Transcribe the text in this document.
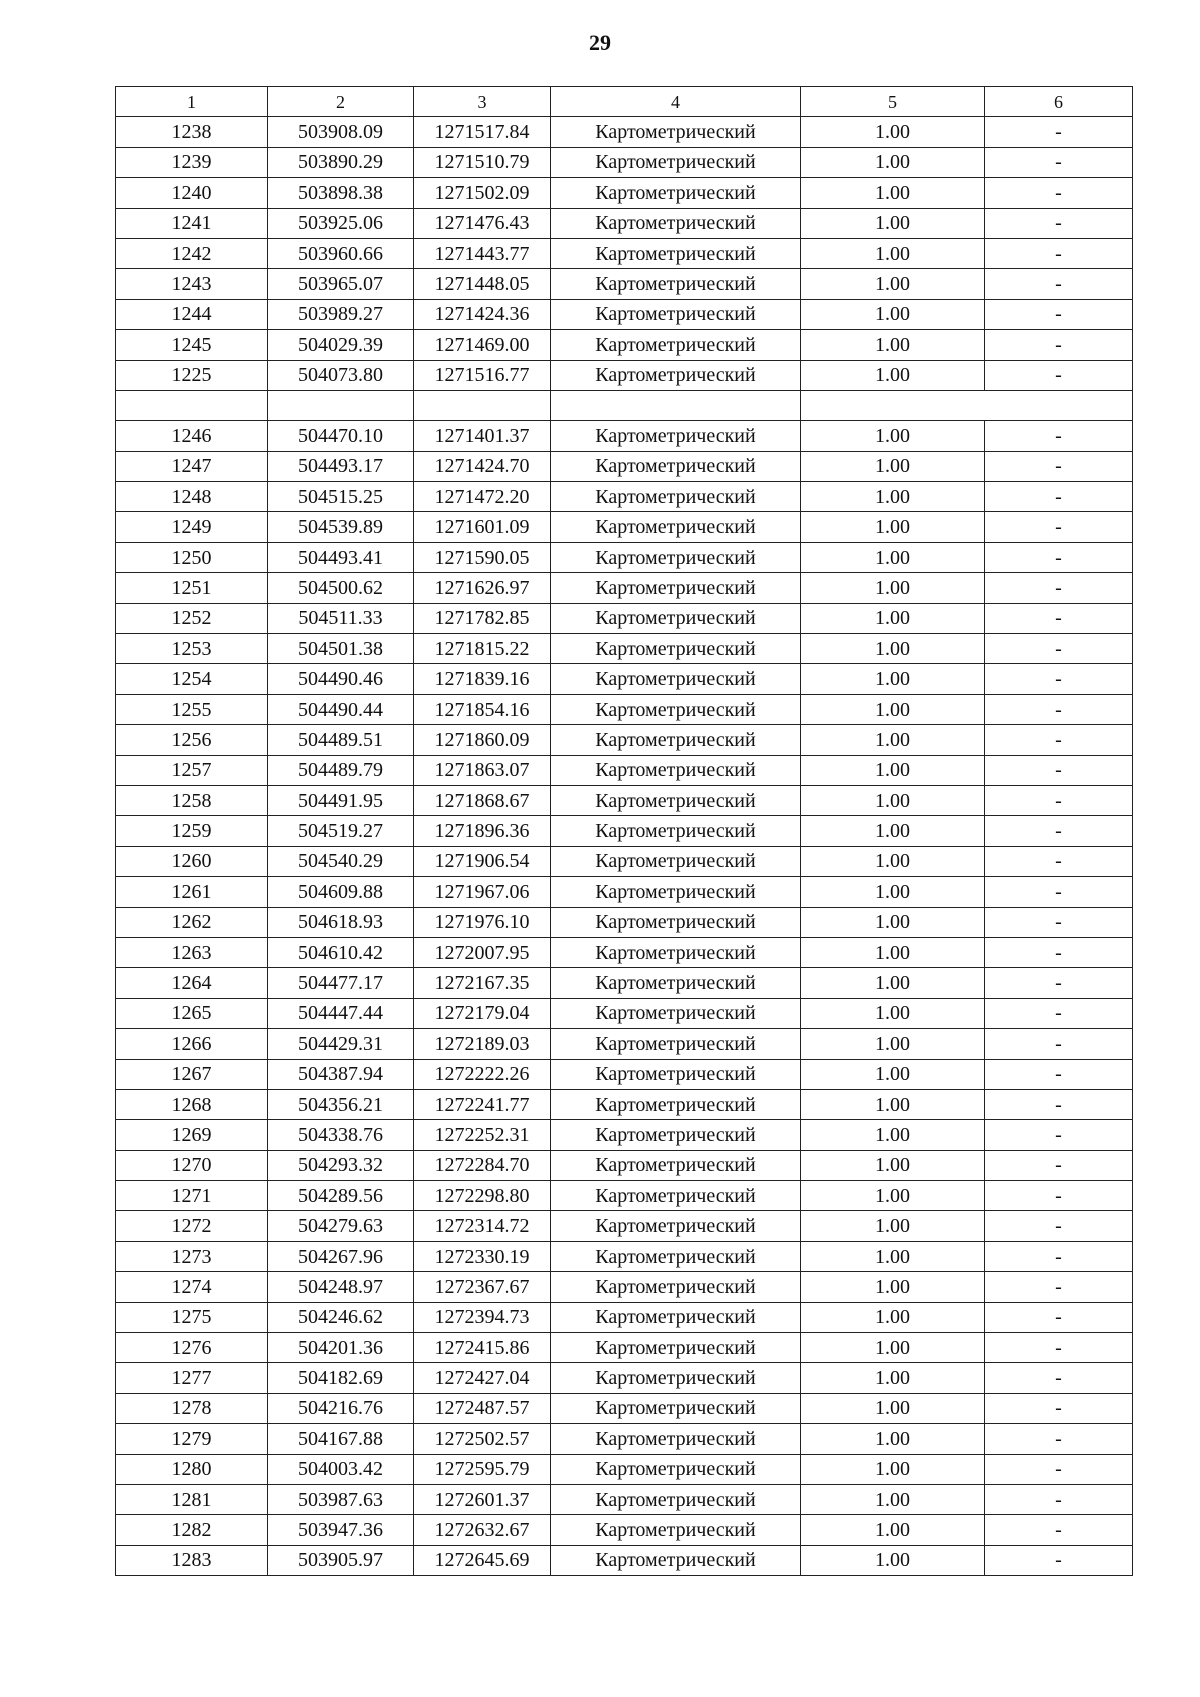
29
1	2	3	4	5	6
1238	503908.09	1271517.84	Картометрический	1.00	-
1239	503890.29	1271510.79	Картометрический	1.00	-
1240	503898.38	1271502.09	Картометрический	1.00	-
1241	503925.06	1271476.43	Картометрический	1.00	-
1242	503960.66	1271443.77	Картометрический	1.00	-
1243	503965.07	1271448.05	Картометрический	1.00	-
1244	503989.27	1271424.36	Картометрический	1.00	-
1245	504029.39	1271469.00	Картометрический	1.00	-
1225	504073.80	1271516.77	Картометрический	1.00	-

1246	504470.10	1271401.37	Картометрический	1.00	-
1247	504493.17	1271424.70	Картометрический	1.00	-
1248	504515.25	1271472.20	Картометрический	1.00	-
1249	504539.89	1271601.09	Картометрический	1.00	-
1250	504493.41	1271590.05	Картометрический	1.00	-
1251	504500.62	1271626.97	Картометрический	1.00	-
1252	504511.33	1271782.85	Картометрический	1.00	-
1253	504501.38	1271815.22	Картометрический	1.00	-
1254	504490.46	1271839.16	Картометрический	1.00	-
1255	504490.44	1271854.16	Картометрический	1.00	-
1256	504489.51	1271860.09	Картометрический	1.00	-
1257	504489.79	1271863.07	Картометрический	1.00	-
1258	504491.95	1271868.67	Картометрический	1.00	-
1259	504519.27	1271896.36	Картометрический	1.00	-
1260	504540.29	1271906.54	Картометрический	1.00	-
1261	504609.88	1271967.06	Картометрический	1.00	-
1262	504618.93	1271976.10	Картометрический	1.00	-
1263	504610.42	1272007.95	Картометрический	1.00	-
1264	504477.17	1272167.35	Картометрический	1.00	-
1265	504447.44	1272179.04	Картометрический	1.00	-
1266	504429.31	1272189.03	Картометрический	1.00	-
1267	504387.94	1272222.26	Картометрический	1.00	-
1268	504356.21	1272241.77	Картометрический	1.00	-
1269	504338.76	1272252.31	Картометрический	1.00	-
1270	504293.32	1272284.70	Картометрический	1.00	-
1271	504289.56	1272298.80	Картометрический	1.00	-
1272	504279.63	1272314.72	Картометрический	1.00	-
1273	504267.96	1272330.19	Картометрический	1.00	-
1274	504248.97	1272367.67	Картометрический	1.00	-
1275	504246.62	1272394.73	Картометрический	1.00	-
1276	504201.36	1272415.86	Картометрический	1.00	-
1277	504182.69	1272427.04	Картометрический	1.00	-
1278	504216.76	1272487.57	Картометрический	1.00	-
1279	504167.88	1272502.57	Картометрический	1.00	-
1280	504003.42	1272595.79	Картометрический	1.00	-
1281	503987.63	1272601.37	Картометрический	1.00	-
1282	503947.36	1272632.67	Картометрический	1.00	-
1283	503905.97	1272645.69	Картометрический	1.00	-
